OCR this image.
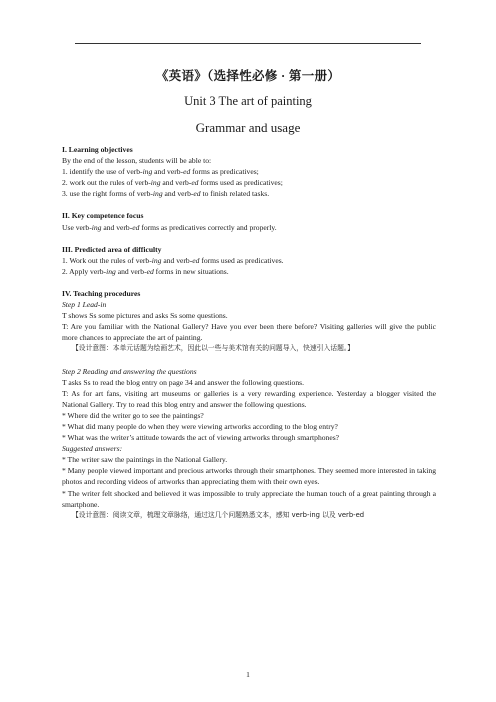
《英语》（选择性必修 · 第一册）
Unit 3 The art of painting
Grammar and usage

I. Learning objectives

By the end of the lesson, students will be able to:

1. identify the use of verb-ing and verb-ed forms as predicatives;

2. work out the rules of verb-ing and verb-ed forms used as predicatives;

3. use the right forms of verb-ing and verb-ed to finish related tasks.

II. Key competence focus

Use verb-ing and verb-ed forms as predicatives correctly and properly.

III. Predicted area of difficulty

1. Work out the rules of verb-ing and verb-ed forms used as predicatives.

2. Apply verb-ing and verb-ed forms in new situations.

IV. Teaching procedures

Step 1 Lead-in

T shows Ss some pictures and asks Ss some questions.

T: Are you familiar with the National Gallery? Have you ever been there before? Visiting galleries will give the public more chances to appreciate the art of painting.

【设计意图：本单元话题为绘画艺术，因此以一些与美术馆有关的问题导入，快速引入话题。】

Step 2 Reading and answering the questions

T asks Ss to read the blog entry on page 34 and answer the following questions.

T: As for art fans, visiting art museums or galleries is a very rewarding experience. Yesterday a blogger visited the National Gallery. Try to read this blog entry and answer the following questions.

* Where did the writer go to see the paintings?

* What did many people do when they were viewing artworks according to the blog entry?

* What was the writer’s attitude towards the act of viewing artworks through smartphones?

Suggested answers:

* The writer saw the paintings in the National Gallery.

* Many people viewed important and precious artworks through their smartphones. They seemed more interested in taking photos and recording videos of artworks than appreciating them with their own eyes.

* The writer felt shocked and believed it was impossible to truly appreciate the human touch of a great painting through a smartphone.

【设计意图：阅读文章，梳理文章脉络，通过这几个问题熟悉文本，感知 verb-ing 以及 verb-ed

1
